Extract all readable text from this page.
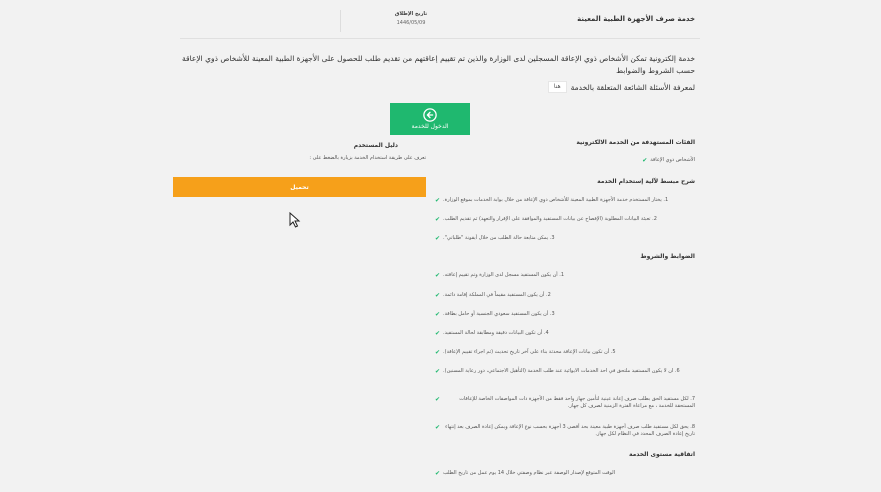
خدمة صرف الأجهزة الطبية المعينة
تاريخ الإطلاق
1446/05/09
خدمة إلكترونية تمكن الأشخاص ذوي الإعاقة المسجلين لدى الوزارة والذين تم تقييم إعاقتهم من تقديم طلب للحصول على الأجهزة الطبية المعينة للأشخاص ذوي الإعاقة حسب الشروط والضوابط
لمعرفة الأسئلة الشائعة المتعلقة بالخدمة
هنا
الدخول للخدمة
الفئات المستهدفة من الخدمة الالكترونية
✔ الأشخاص ذوي الإعاقة
شرح مبسط لآلية إستخدام الخدمة
✔ 1. يختار المستخدم خدمة الأجهزة الطبية المعينة للأشخاص ذوي الإعاقة من خلال بوابة الخدمات بموقع الوزارة.
✔ 2. تعبئة البيانات المطلوبة (الإفصاح عن بيانات المستفيد والموافقة على الإقرار والتعهد) ثم تقديم الطلب.
✔ 3. يمكن متابعة حالة الطلب من خلال أيقونة "طلباتي".
الضوابط والشروط
✔ 1. أن يكون المستفيد مسجل لدى الوزارة وتم تقييم إعاقته.
✔ 2. أن يكون المستفيد مقيماً في المملكة إقامة دائمة.
✔ 3. أن يكون المستفيد سعودي الجنسية أو حامل بطاقة.
✔ 4. أن تكون البيانات دقيقة ومطابقة لحالة المستفيد.
✔ 5. أن تكون بيانات الإعاقة محدثة بناء على آخر تاريخ تحديث (ثم اجراء تقييم الإعاقة).
✔ 6. ان لا يكون المستفيد ملتحق في احد الخدمات الايوائية عند طلب الخدمة (التأهيل الاجتماعي، دور رعاية المسنين).
✔	7. لكل مستفيد الحق بطلب صرف إعانة عينية لتأمين جهاز واحد فقط من الأجهزة ذات المواصفات الخاصة للإعاقات المستحقة للخدمة ، مع مراعاة الفترة الزمنية لصرف كل جهاز.
✔	8. يحق لكل مستفيد طلب صرف أجهزة طبية معينة بحد أقصى 3 أجهزة بحسب نوع الإعاقة ويمكن إعادة الصرف بعد إنتهاء تاريخ إعادة الصرف المحدد في النظام لكل جهاز.
اتفاقية مستوى الخدمة
✔ الوقت المتوقع لإصدار الوصفة عبر نظام وصفتي خلال 14 يوم عمل من تاريخ الطلب
دليل المستخدم
تعرف على طريقة استخدام الخدمة بزيارة بالضغط على :
تحميل
